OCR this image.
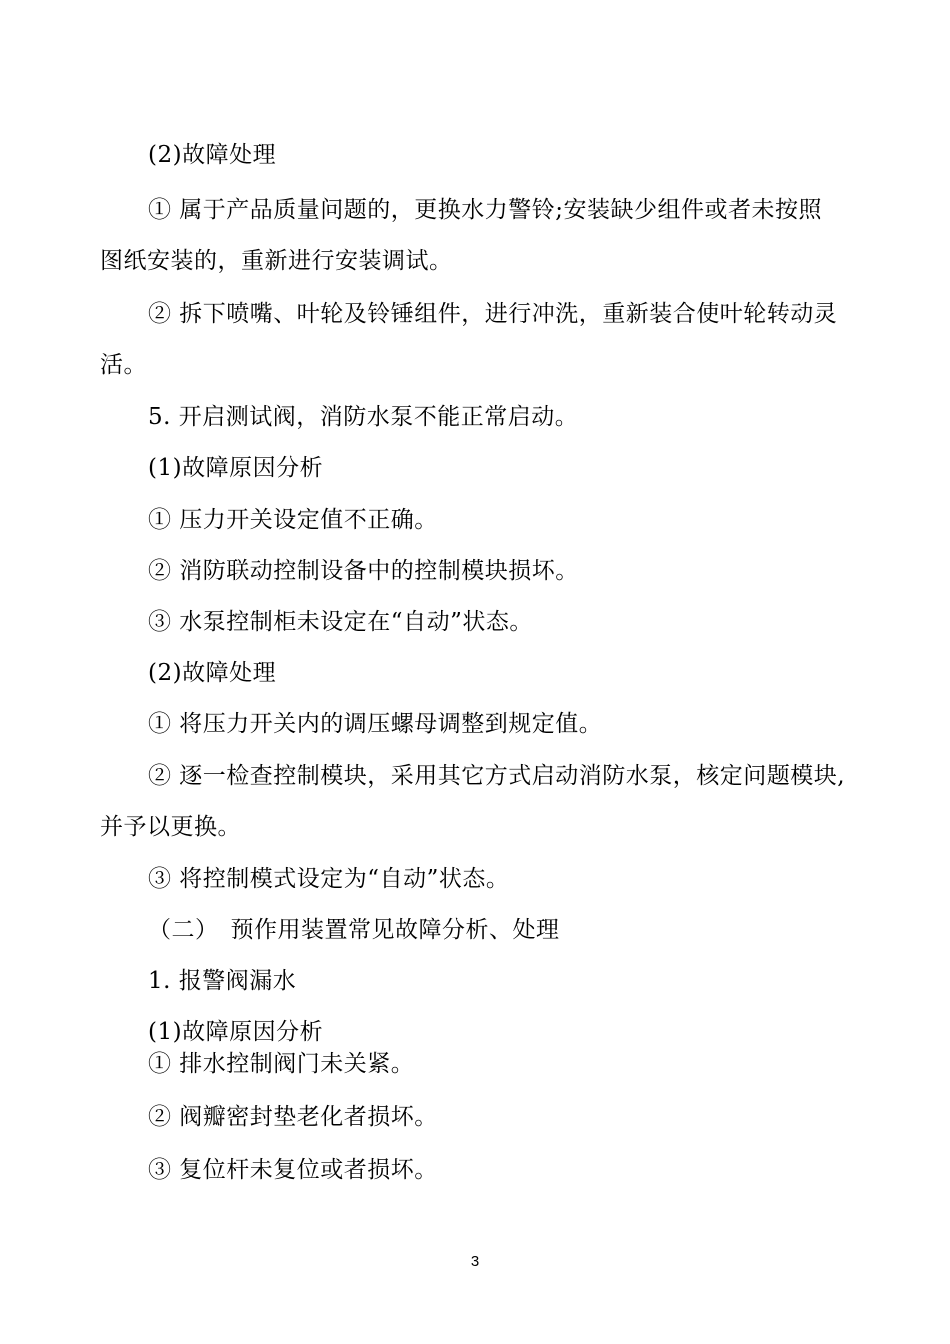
(2)故障处理
① 属于产品质量问题的，更换水力警铃;安装缺少组件或者未按照
图纸安装的，重新进行安装调试。
② 拆下喷嘴、叶轮及铃锤组件，进行冲洗，重新装合使叶轮转动灵
活。
5. 开启测试阀，消防水泵不能正常启动。
(1)故障原因分析
① 压力开关设定值不正确。
② 消防联动控制设备中的控制模块损坏。
③ 水泵控制柜未设定在“自动”状态。
(2)故障处理
① 将压力开关内的调压螺母调整到规定值。
② 逐一检查控制模块，采用其它方式启动消防水泵，核定问题模块,
并予以更换。
③ 将控制模式设定为“自动”状态。
（二）　预作用装置常见故障分析、处理
1. 报警阀漏水
(1)故障原因分析
① 排水控制阀门未关紧。
② 阀瓣密封垫老化者损坏。
③ 复位杆未复位或者损坏。
3
